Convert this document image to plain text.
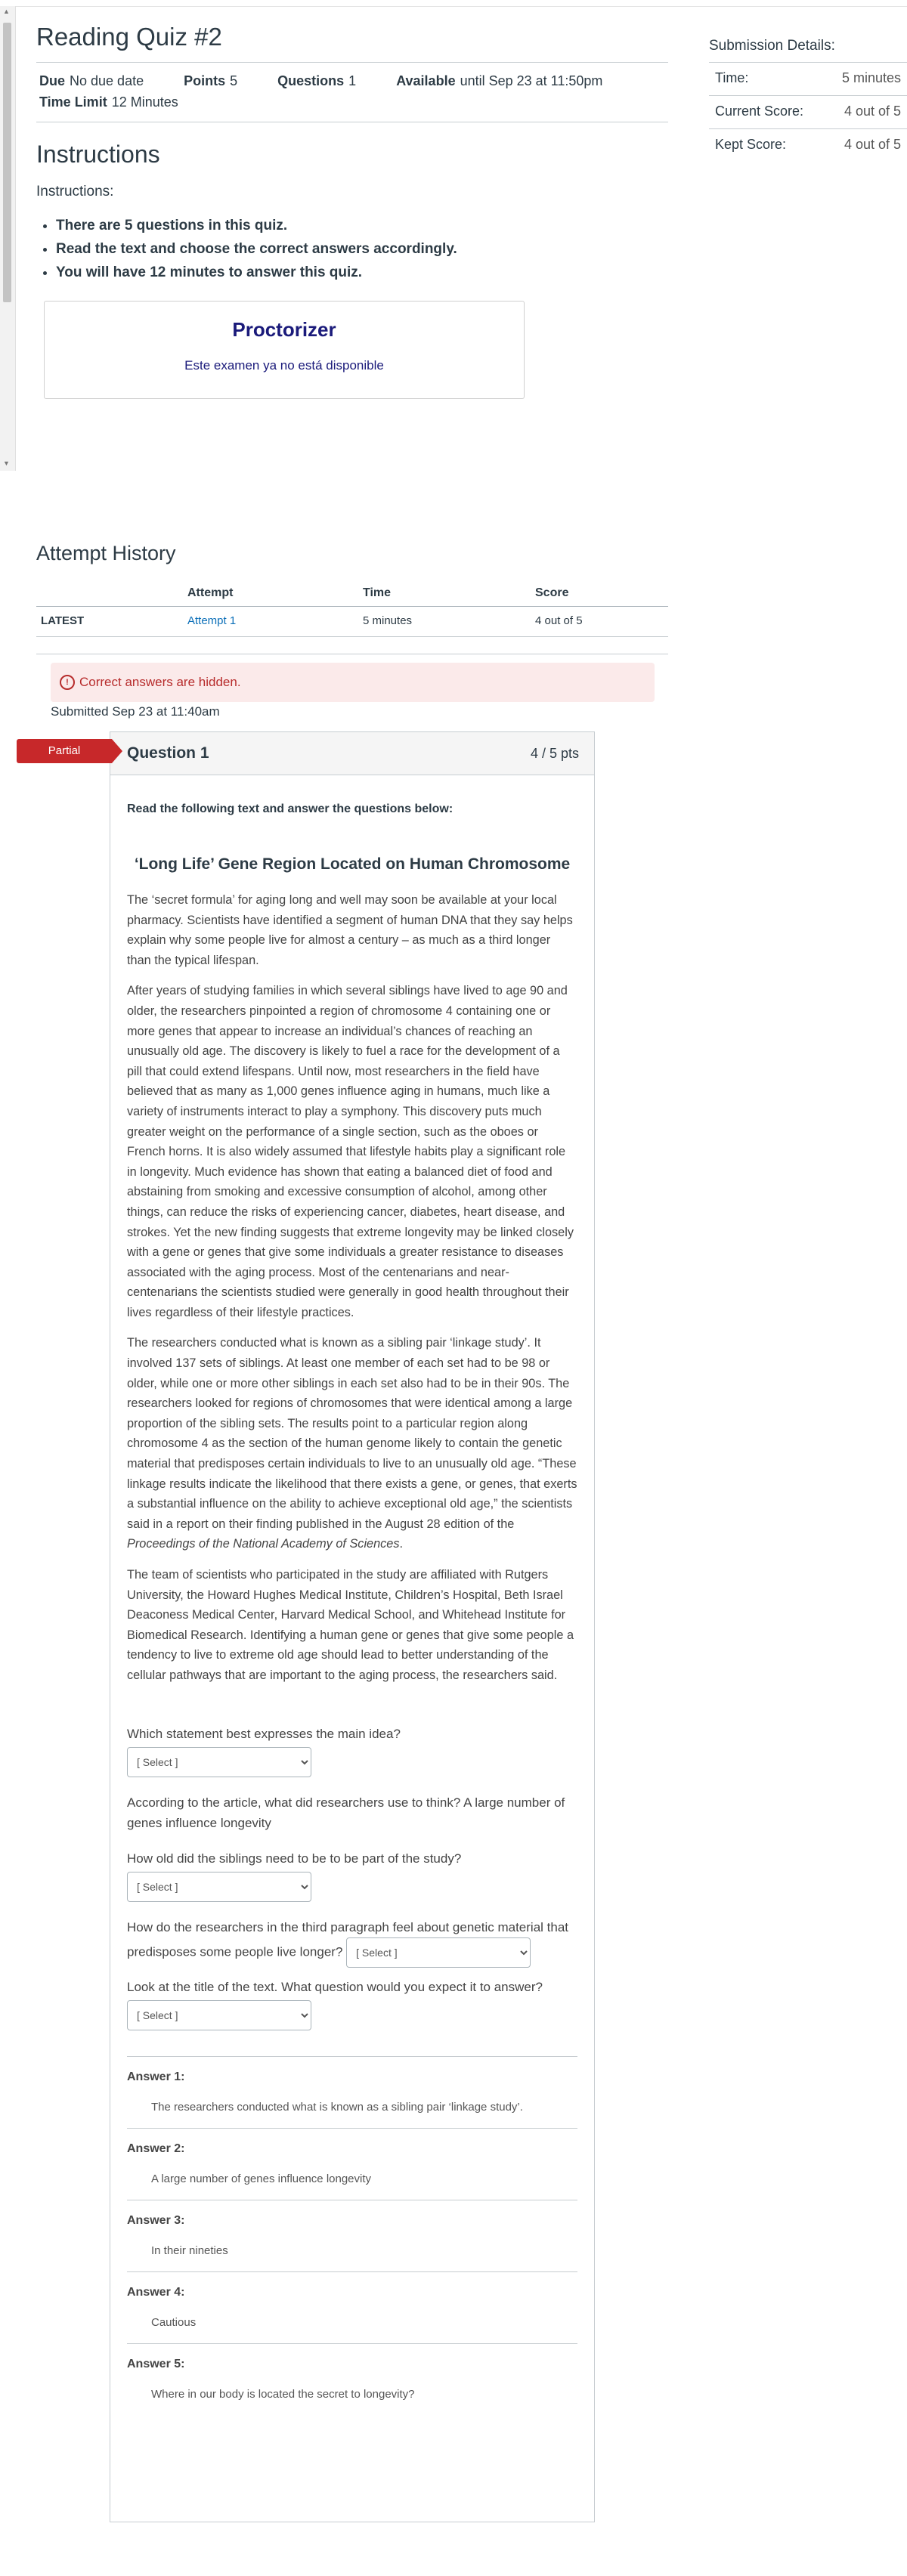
▲
▼
Reading Quiz #2
Due No due date	Points 5	Questions 1	Available until Sep 23 at 11:50pm
Time Limit 12 Minutes
Instructions
Instructions:
• There are 5 questions in this quiz.
• Read the text and choose the correct answers accordingly.
• You will have 12 minutes to answer this quiz.
Proctorizer
Este examen ya no está disponible
Submission Details:
Time:	5 minutes
Current Score:	4 out of 5
Kept Score:	4 out of 5
Attempt History
	Attempt	Time	Score
LATEST	Attempt 1	5 minutes	4 out of 5
! Correct answers are hidden.
Submitted Sep 23 at 11:40am
Question 1	4 / 5 pts
Read the following text and answer the questions below:
‘Long Life’ Gene Region Located on Human Chromosome

The ‘secret formula’ for aging long and well may soon be available at your local pharmacy. Scientists have identified a segment of human DNA that they say helps explain why some people live for almost a century – as much as a third longer than the typical lifespan.

After years of studying families in which several siblings have lived to age 90 and older, the researchers pinpointed a region of chromosome 4 containing one or more genes that appear to increase an individual’s chances of reaching an unusually old age. The discovery is likely to fuel a race for the development of a pill that could extend lifespans. Until now, most researchers in the field have believed that as many as 1,000 genes influence aging in humans, much like a variety of instruments interact to play a symphony. This discovery puts much greater weight on the performance of a single section, such as the oboes or French horns. It is also widely assumed that lifestyle habits play a significant role in longevity. Much evidence has shown that eating a balanced diet of food and abstaining from smoking and excessive consumption of alcohol, among other things, can reduce the risks of experiencing cancer, diabetes, heart disease, and strokes. Yet the new finding suggests that extreme longevity may be linked closely with a gene or genes that give some individuals a greater resistance to diseases associated with the aging process. Most of the centenarians and near-centenarians the scientists studied were generally in good health throughout their lives regardless of their lifestyle practices.

The researchers conducted what is known as a sibling pair ‘linkage study’. It involved 137 sets of siblings. At least one member of each set had to be 98 or older, while one or more other siblings in each set also had to be in their 90s. The researchers looked for regions of chromosomes that were identical among a large proportion of the sibling sets. The results point to a particular region along chromosome 4 as the section of the human genome likely to contain the genetic material that predisposes certain individuals to live to an unusually old age. “These linkage results indicate the likelihood that there exists a gene, or genes, that exerts a substantial influence on the ability to achieve exceptional old age,” the scientists said in a report on their finding published in the August 28 edition of the Proceedings of the National Academy of Sciences.

The team of scientists who participated in the study are affiliated with Rutgers University, the Howard Hughes Medical Institute, Children’s Hospital, Beth Israel Deaconess Medical Center, Harvard Medical School, and Whitehead Institute for Biomedical Research. Identifying a human gene or genes that give some people a tendency to live to extreme old age should lead to better understanding of the cellular pathways that are important to the aging process, the researchers said.

Which statement best expresses the main idea?
[ Select ]
According to the article, what did researchers use to think? A large number of genes influence longevity
How old did the siblings need to be to be part of the study?
[ Select ]
How do the researchers in the third paragraph feel about genetic material that predisposes some people live longer?
[ Select ]
Look at the title of the text. What question would you expect it to answer?
[ Select ]
Answer 1:
The researchers conducted what is known as a sibling pair ‘linkage study’.
Answer 2:
A large number of genes influence longevity
Answer 3:
In their nineties
Answer 4:
Cautious
Answer 5:
Where in our body is located the secret to longevity?
Partial
